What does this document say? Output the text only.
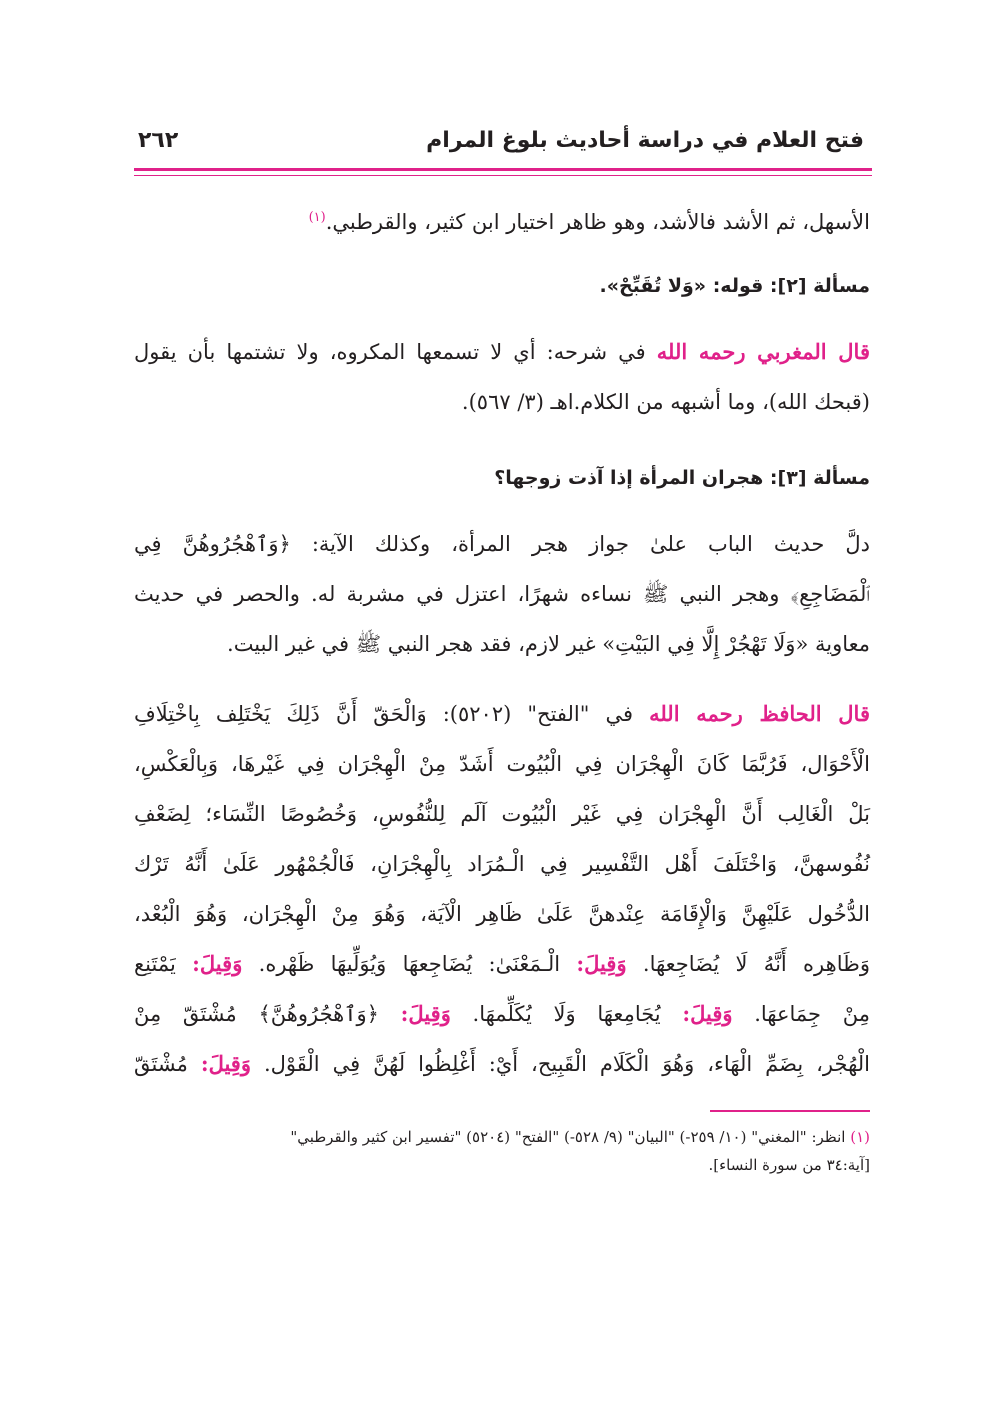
فتح العلام في دراسة أحاديث بلوغ المرام
٢٦٢
الأسهل، ثم الأشد فالأشد، وهو ظاهر اختيار ابن كثير، والقرطبي.$^{(١)}$
مسألة [٢]: قوله: «وَلا تُقَبِّحْ».
قال المغربي رحمه الله في شرحه: أي لا تسمعها المكروه، ولا تشتمها بأن يقول
(قبحك الله)، وما أشبهه من الكلام.اهـ (٣/ ٥٦٧).
مسألة [٣]: هجران المرأة إذا آذت زوجها؟
دلَّ حديث الباب علىٰ جواز هجر المرأة، وكذلك الآية: ﴿وَٱهْجُرُوهُنَّ فِي
ٱلْمَضَاجِعِ﴾ وهجر النبي ﷺ نساءه شهرًا، اعتزل في مشربة له. والحصر في حديث
معاوية «وَلَا تَهْجُرْ إِلَّا فِي البَيْتِ» غير لازم، فقد هجر النبي ﷺ في غير البيت.
قال الحافظ رحمه الله في "الفتح" (٥٢٠٢): وَالْحَقّ أَنَّ ذَلِكَ يَخْتَلِف بِاخْتِلَافِ
الْأَحْوَال، فَرُبَّمَا كَانَ الْهِجْرَان فِي الْبُيُوت أَشَدّ مِنْ الْهِجْرَان فِي غَيْرهَا، وَبِالْعَكْسِ،
بَلْ الْغَالِب أَنَّ الْهِجْرَان فِي غَيْر الْبُيُوت آلَم لِلنُّفُوسِ، وَخُصُوصًا النِّسَاء؛ لِضَعْفِ
نُفُوسهنَّ، وَاخْتَلَفَ أَهْل التَّفْسِير فِي الْـمُرَاد بِالْهِجْرَانِ، فَالْجُمْهُور عَلَىٰ أَنَّهُ تَرْك
الدُّخُول عَلَيْهِنَّ وَالْإِقَامَة عِنْدهنَّ عَلَىٰ ظَاهِر الْآيَة، وَهُوَ مِنْ الْهِجْرَان، وَهُوَ الْبُعْد،
وَظَاهِره أَنَّهُ لَا يُضَاجِعهَا. وَقِيلَ: الْـمَعْنَىٰ: يُضَاجِعهَا وَيُوَلِّيهَا ظَهْره. وَقِيلَ: يَمْتَنِع
مِنْ جِمَاعهَا. وَقِيلَ: يُجَامِعهَا وَلَا يُكَلِّمهَا. وَقِيلَ: ﴿وَٱهْجُرُوهُنَّ﴾ مُشْتَقّ مِنْ
الْهُجْر، بِضَمِّ الْهَاء، وَهُوَ الْكَلَام الْقَبِيح، أَيْ: أَغْلِظُوا لَهُنَّ فِي الْقَوْل. وَقِيلَ: مُشْتَقّ
(١) انظر: "المغني" (١٠/ ٢٥٩-) "البيان" (٩/ ٥٢٨-) "الفتح" (٥٢٠٤) "تفسير ابن كثير والقرطبي"
[آية:٣٤ من سورة النساء].
